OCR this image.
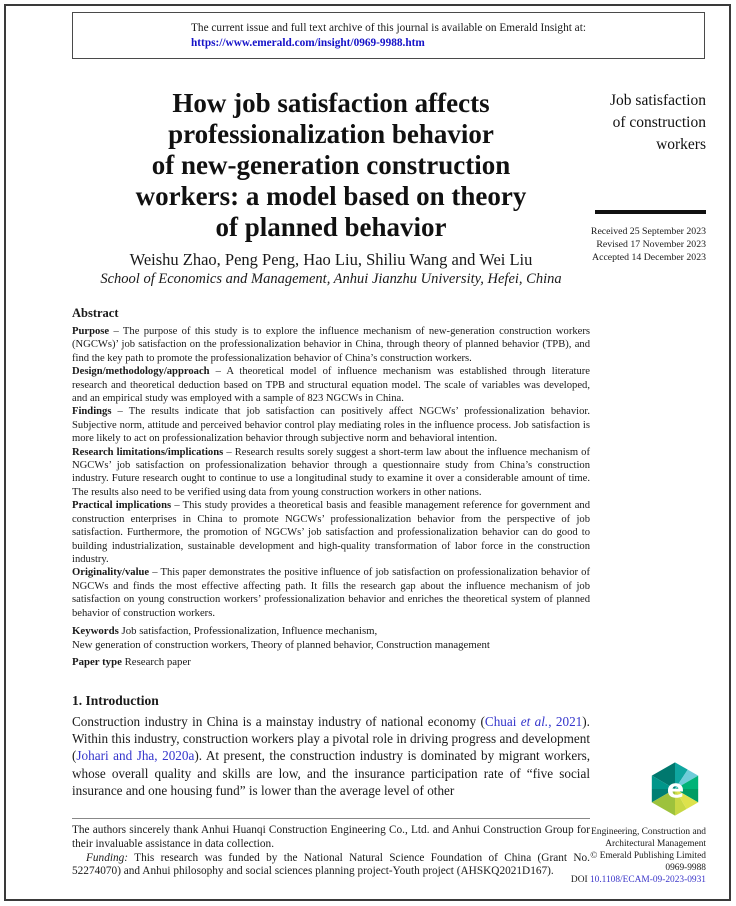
The current issue and full text archive of this journal is available on Emerald Insight at:
https://www.emerald.com/insight/0969-9988.htm
How job satisfaction affects
professionalization behavior
of new-generation construction
workers: a model based on theory
of planned behavior
Weishu Zhao, Peng Peng, Hao Liu, Shiliu Wang and Wei Liu
School of Economics and Management, Anhui Jianzhu University, Hefei, China
Job satisfaction
of construction
workers
Received 25 September 2023
Revised 17 November 2023
Accepted 14 December 2023
Abstract

Purpose – The purpose of this study is to explore the influence mechanism of new-generation construction workers (NGCWs)’ job satisfaction on the professionalization behavior in China, through theory of planned behavior (TPB), and find the key path to promote the professionalization behavior of China’s construction workers.

Design/methodology/approach – A theoretical model of influence mechanism was established through literature research and theoretical deduction based on TPB and structural equation model. The scale of variables was developed, and an empirical study was employed with a sample of 823 NGCWs in China.

Findings – The results indicate that job satisfaction can positively affect NGCWs’ professionalization behavior. Subjective norm, attitude and perceived behavior control play mediating roles in the influence process. Job satisfaction is more likely to act on professionalization behavior through subjective norm and behavioral intention.

Research limitations/implications – Research results sorely suggest a short-term law about the influence mechanism of NGCWs’ job satisfaction on professionalization behavior through a questionnaire study from China’s construction industry. Future research ought to continue to use a longitudinal study to examine it over a considerable amount of time. The results also need to be verified using data from young construction workers in other nations.

Practical implications – This study provides a theoretical basis and feasible management reference for government and construction enterprises in China to promote NGCWs’ professionalization behavior from the perspective of job satisfaction. Furthermore, the promotion of NGCWs’ job satisfaction and professionalization behavior can do good to building industrialization, sustainable development and high-quality transformation of labor force in the construction industry.

Originality/value – This paper demonstrates the positive influence of job satisfaction on professionalization behavior of NGCWs and finds the most effective affecting path. It fills the research gap about the influence mechanism of job satisfaction on young construction workers’ professionalization behavior and enriches the theoretical system of planned behavior of construction workers.

Keywords Job satisfaction, Professionalization, Influence mechanism,
New generation of construction workers, Theory of planned behavior, Construction management

Paper type Research paper

1. Introduction

Construction industry in China is a mainstay industry of national economy (Chuai et al., 2021). Within this industry, construction workers play a pivotal role in driving progress and development (Johari and Jha, 2020a). At present, the construction industry is dominated by migrant workers, whose overall quality and skills are low, and the insurance participation rate of “five social insurance and one housing fund” is lower than the average level of other

The authors sincerely thank Anhui Huanqi Construction Engineering Co., Ltd. and Anhui Construction Group for their invaluable assistance in data collection.

Funding: This research was funded by the National Natural Science Foundation of China (Grant No. 52274070) and Anhui philosophy and social sciences planning project-Youth project (AHSKQ2021D167).

e
Engineering, Construction and
Architectural Management
© Emerald Publishing Limited
0969-9988
DOI 10.1108/ECAM-09-2023-0931
